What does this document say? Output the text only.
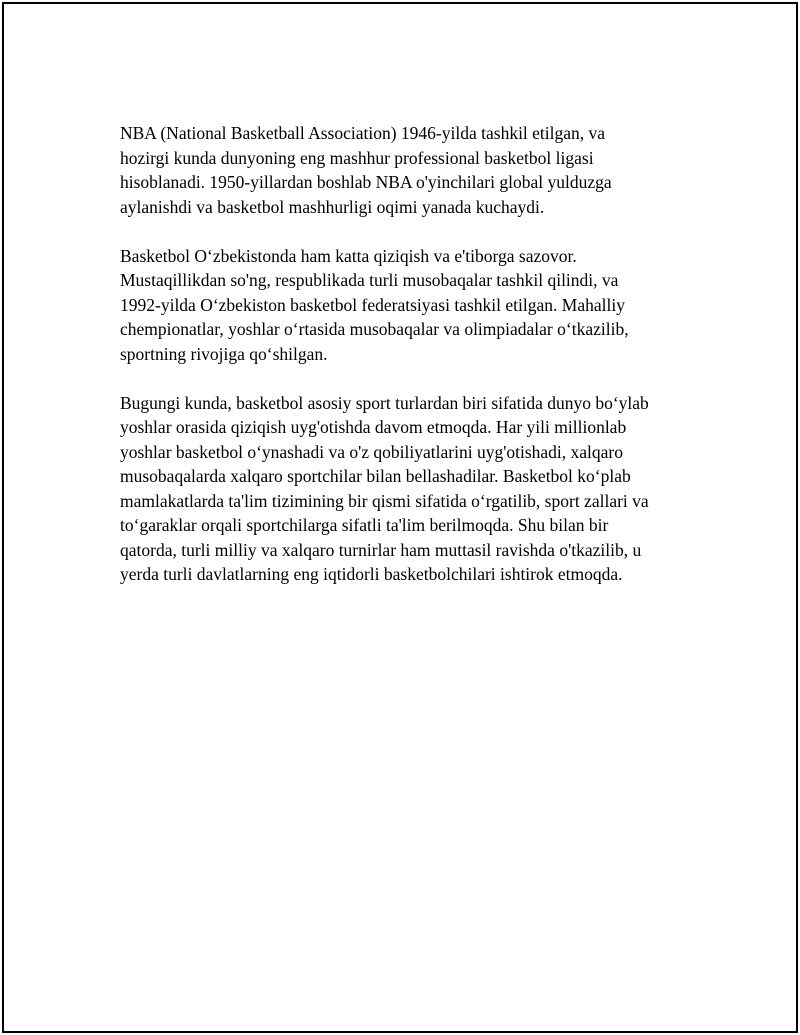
NBA (National Basketball Association) 1946-yilda tashkil etilgan, va
hozirgi kunda dunyoning eng mashhur professional basketbol ligasi
hisoblanadi. 1950-yillardan boshlab NBA o'yinchilari global yulduzga
aylanishdi va basketbol mashhurligi oqimi yanada kuchaydi.

Basketbol O‘zbekistonda ham katta qiziqish va e'tiborga sazovor.
Mustaqillikdan so'ng, respublikada turli musobaqalar tashkil qilindi, va
1992-yilda O‘zbekiston basketbol federatsiyasi tashkil etilgan. Mahalliy
chempionatlar, yoshlar o‘rtasida musobaqalar va olimpiadalar o‘tkazilib,
sportning rivojiga qo‘shilgan.

Bugungi kunda, basketbol asosiy sport turlardan biri sifatida dunyo bo‘ylab
yoshlar orasida qiziqish uyg'otishda davom etmoqda. Har yili millionlab
yoshlar basketbol o‘ynashadi va o'z qobiliyatlarini uyg'otishadi, xalqaro
musobaqalarda xalqaro sportchilar bilan bellashadilar. Basketbol ko‘plab
mamlakatlarda ta'lim tizimining bir qismi sifatida o‘rgatilib, sport zallari va
to‘garaklar orqali sportchilarga sifatli ta'lim berilmoqda. Shu bilan bir
qatorda, turli milliy va xalqaro turnirlar ham muttasil ravishda o'tkazilib, u
yerda turli davlatlarning eng iqtidorli basketbolchilari ishtirok etmoqda.
